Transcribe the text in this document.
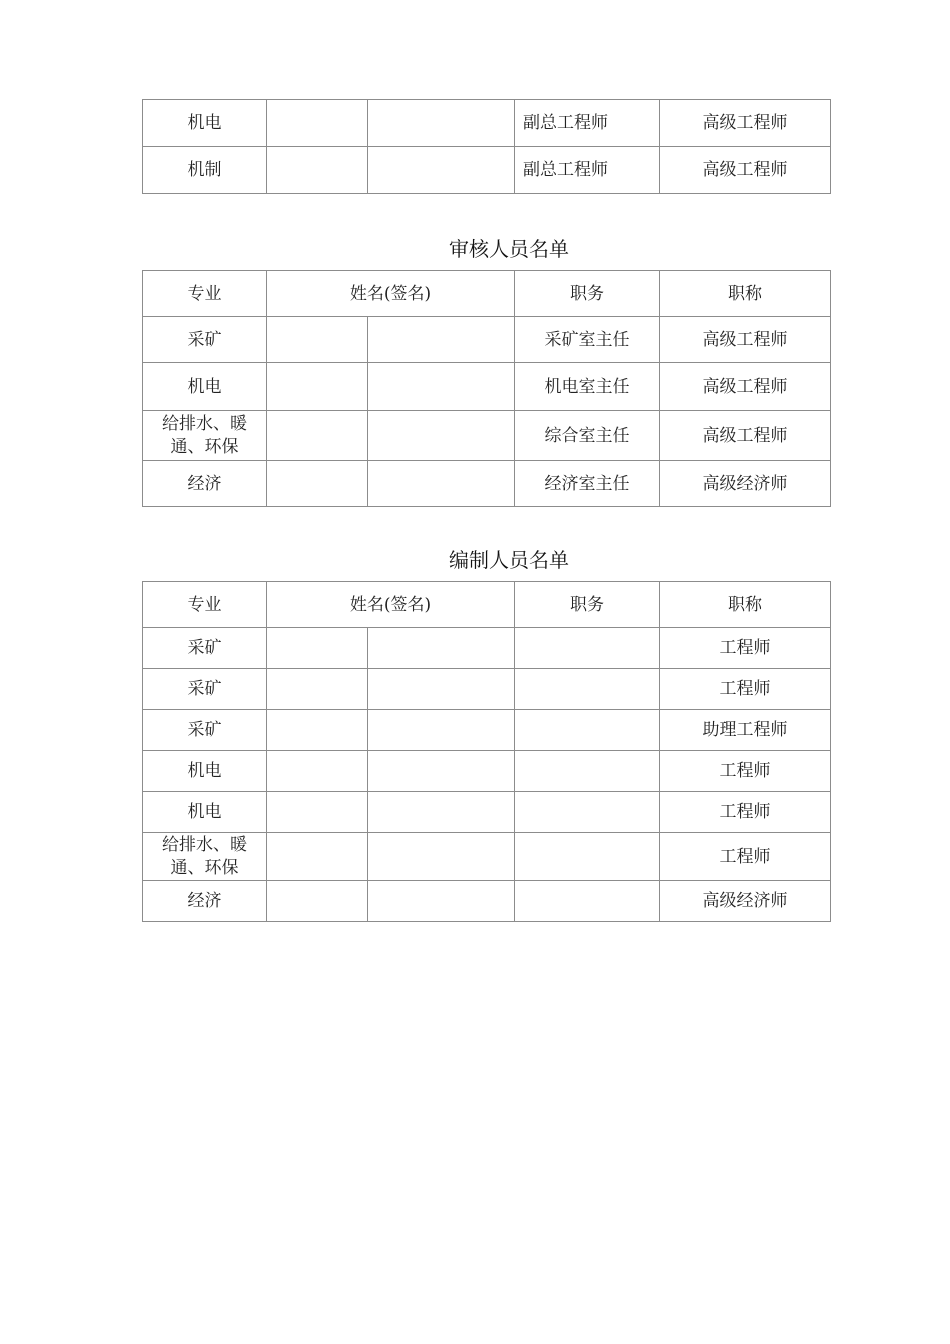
机电			副总工程师	高级工程师
机制			副总工程师	高级工程师
审核人员名单
专业	姓名(签名)		职务	职称
采矿			采矿室主任	高级工程师
机电			机电室主任	高级工程师
给排水、暖通、环保			综合室主任	高级工程师
经济			经济室主任	高级经济师
编制人员名单
专业	姓名(签名)		职务	职称
采矿				工程师
采矿				工程师
采矿				助理工程师
机电				工程师
机电				工程师
给排水、暖通、环保				工程师
经济				高级经济师
